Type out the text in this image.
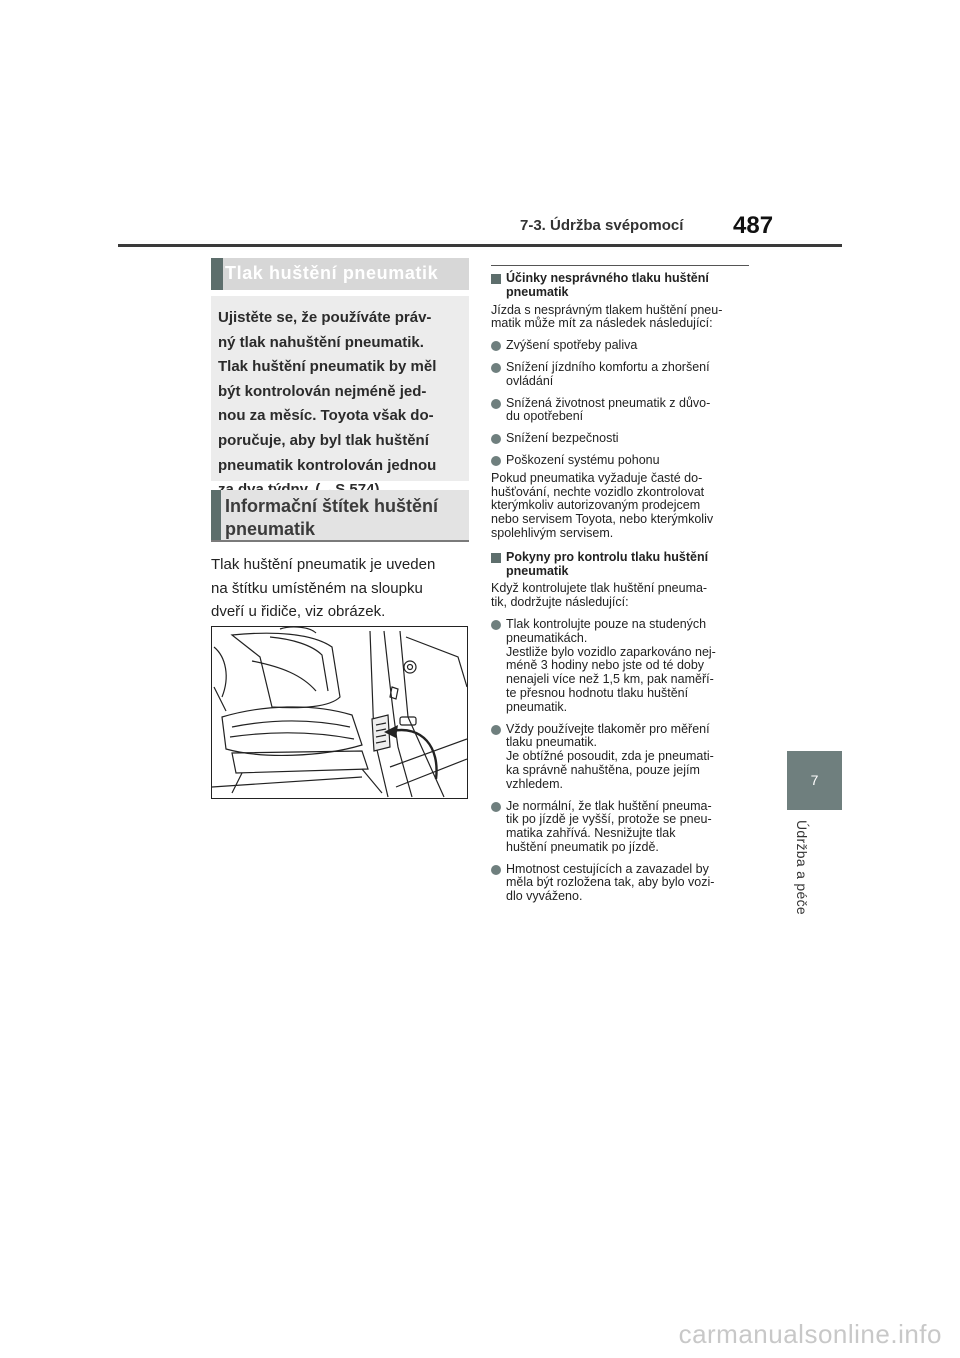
7-3. Údržba svépomocí 487
7
Údržba a péče
Tlak huštění pneumatik
Ujistěte se, že používáte práv-
ný tlak nahuštění pneumatik.
Tlak huštění pneumatik by měl
být kontrolován nejméně jed-
nou za měsíc. Toyota však do-
poručuje, aby byl tlak huštění
pneumatik kontrolován jednou
Informační štítek huštění pneumatik
Tlak huštění pneumatik je uveden
na štítku umístěném na sloupku
dveří u řidiče, viz obrázek.
Účinky nesprávného tlaku huštění pneumatik
Jízda s nesprávným tlakem huštění pneu-
matik může mít za následek následující:
Zvýšení spotřeby paliva
Snížení jízdního komfortu a zhoršení
ovládání
Snížená životnost pneumatik z důvo-
du opotřebení
Snížení bezpečnosti
Poškození systému pohonu
Pokud pneumatika vyžaduje časté do-
hušťování, nechte vozidlo zkontrolovat
kterýmkoliv autorizovaným prodejcem
nebo servisem Toyota, nebo kterýmkoliv
spolehlivým servisem.
Pokyny pro kontrolu tlaku huštění pneumatik
Když kontrolujete tlak huštění pneuma-
tik, dodržujte následující:
Tlak kontrolujte pouze na studených
pneumatikách.
Jestliže bylo vozidlo zaparkováno nej-
méně 3 hodiny nebo jste od té doby
nenajeli více než 1,5 km, pak naměří-
te přesnou hodnotu tlaku huštění
pneumatik.
Vždy používejte tlakoměr pro měření
tlaku pneumatik.
Je obtížné posoudit, zda je pneumati-
ka správně nahuštěna, pouze jejím
vzhledem.
Je normální, že tlak huštění pneuma-
tik po jízdě je vyšší, protože se pneu-
matika zahřívá. Nesnižujte tlak
huštění pneumatik po jízdě.
Hmotnost cestujících a zavazadel by
měla být rozložena tak, aby bylo vozi-
dlo vyváženo.
carmanualsonline.info
